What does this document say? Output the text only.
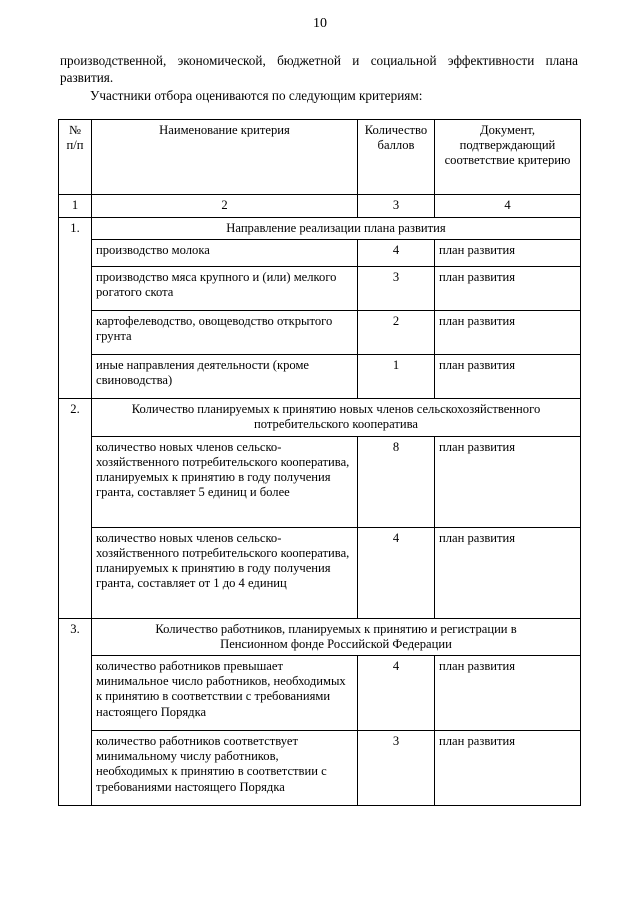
10
производственной, экономической, бюджетной и социальной эффективности плана развития.
Участники отбора оцениваются по следующим критериям:
№ п/п	Наименование критерия	Количество баллов	Документ, подтверждающий соответствие критерию
1	2	3	4
1.	Направление реализации плана развития		
	производство молока	4	план развития
	производство мяса крупного и (или) мелкого рогатого скота	3	план развития
	картофелеводство, овощеводство открытого грунта	2	план развития
	иные направления деятельности (кроме свиноводства)	1	план развития
2.	Количество планируемых к принятию новых членов сельскохозяйственного потребительского кооператива		
	количество новых членов сельско-хозяйственного потребительского кооператива, планируемых к принятию в году получения гранта, составляет 5 единиц и более	8	план развития
	количество новых членов сельско-хозяйственного потребительского кооператива, планируемых к принятию в году получения гранта, составляет от 1 до 4 единиц	4	план развития
3.	Количество работников, планируемых к принятию и регистрации в Пенсионном фонде Российской Федерации		
	количество работников превышает минимальное число работников, необходимых к принятию в соответствии с требованиями настоящего Порядка	4	план развития
	количество работников соответствует минимальному числу работников, необходимых к принятию в соответствии с требованиями настоящего Порядка	3	план развития
